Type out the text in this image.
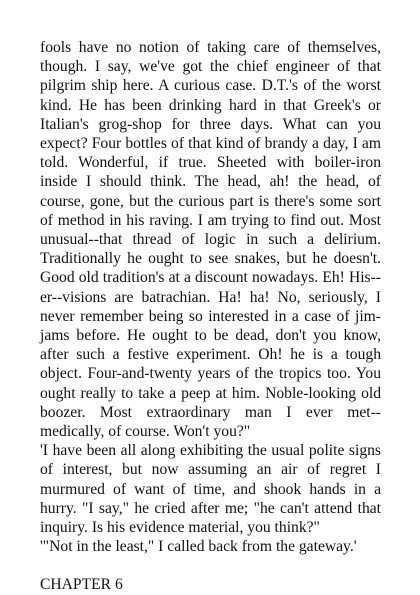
fools have no notion of taking care of themselves, though. I say, we've got the chief engineer of that pilgrim ship here. A curious case. D.T.'s of the worst kind. He has been drinking hard in that Greek's or Italian's grog-shop for three days. What can you expect? Four bottles of that kind of brandy a day, I am told. Wonderful, if true. Sheeted with boiler-iron inside I should think. The head, ah! the head, of course, gone, but the curious part is there's some sort of method in his raving. I am trying to find out. Most unusual--that thread of logic in such a delirium. Traditionally he ought to see snakes, but he doesn't. Good old tradition's at a discount nowadays. Eh! His--er--visions are batrachian. Ha! ha! No, seriously, I never remember being so interested in a case of jim-jams before. He ought to be dead, don't you know, after such a festive experiment. Oh! he is a tough object. Four-and-twenty years of the tropics too. You ought really to take a peep at him. Noble-looking old boozer. Most extraordinary man I ever met--medically, of course. Won't you?"

'I have been all along exhibiting the usual polite signs of interest, but now assuming an air of regret I murmured of want of time, and shook hands in a hurry. "I say," he cried after me; "he can't attend that inquiry. Is his evidence material, you think?"

'"Not in the least," I called back from the gateway.'

CHAPTER 6
